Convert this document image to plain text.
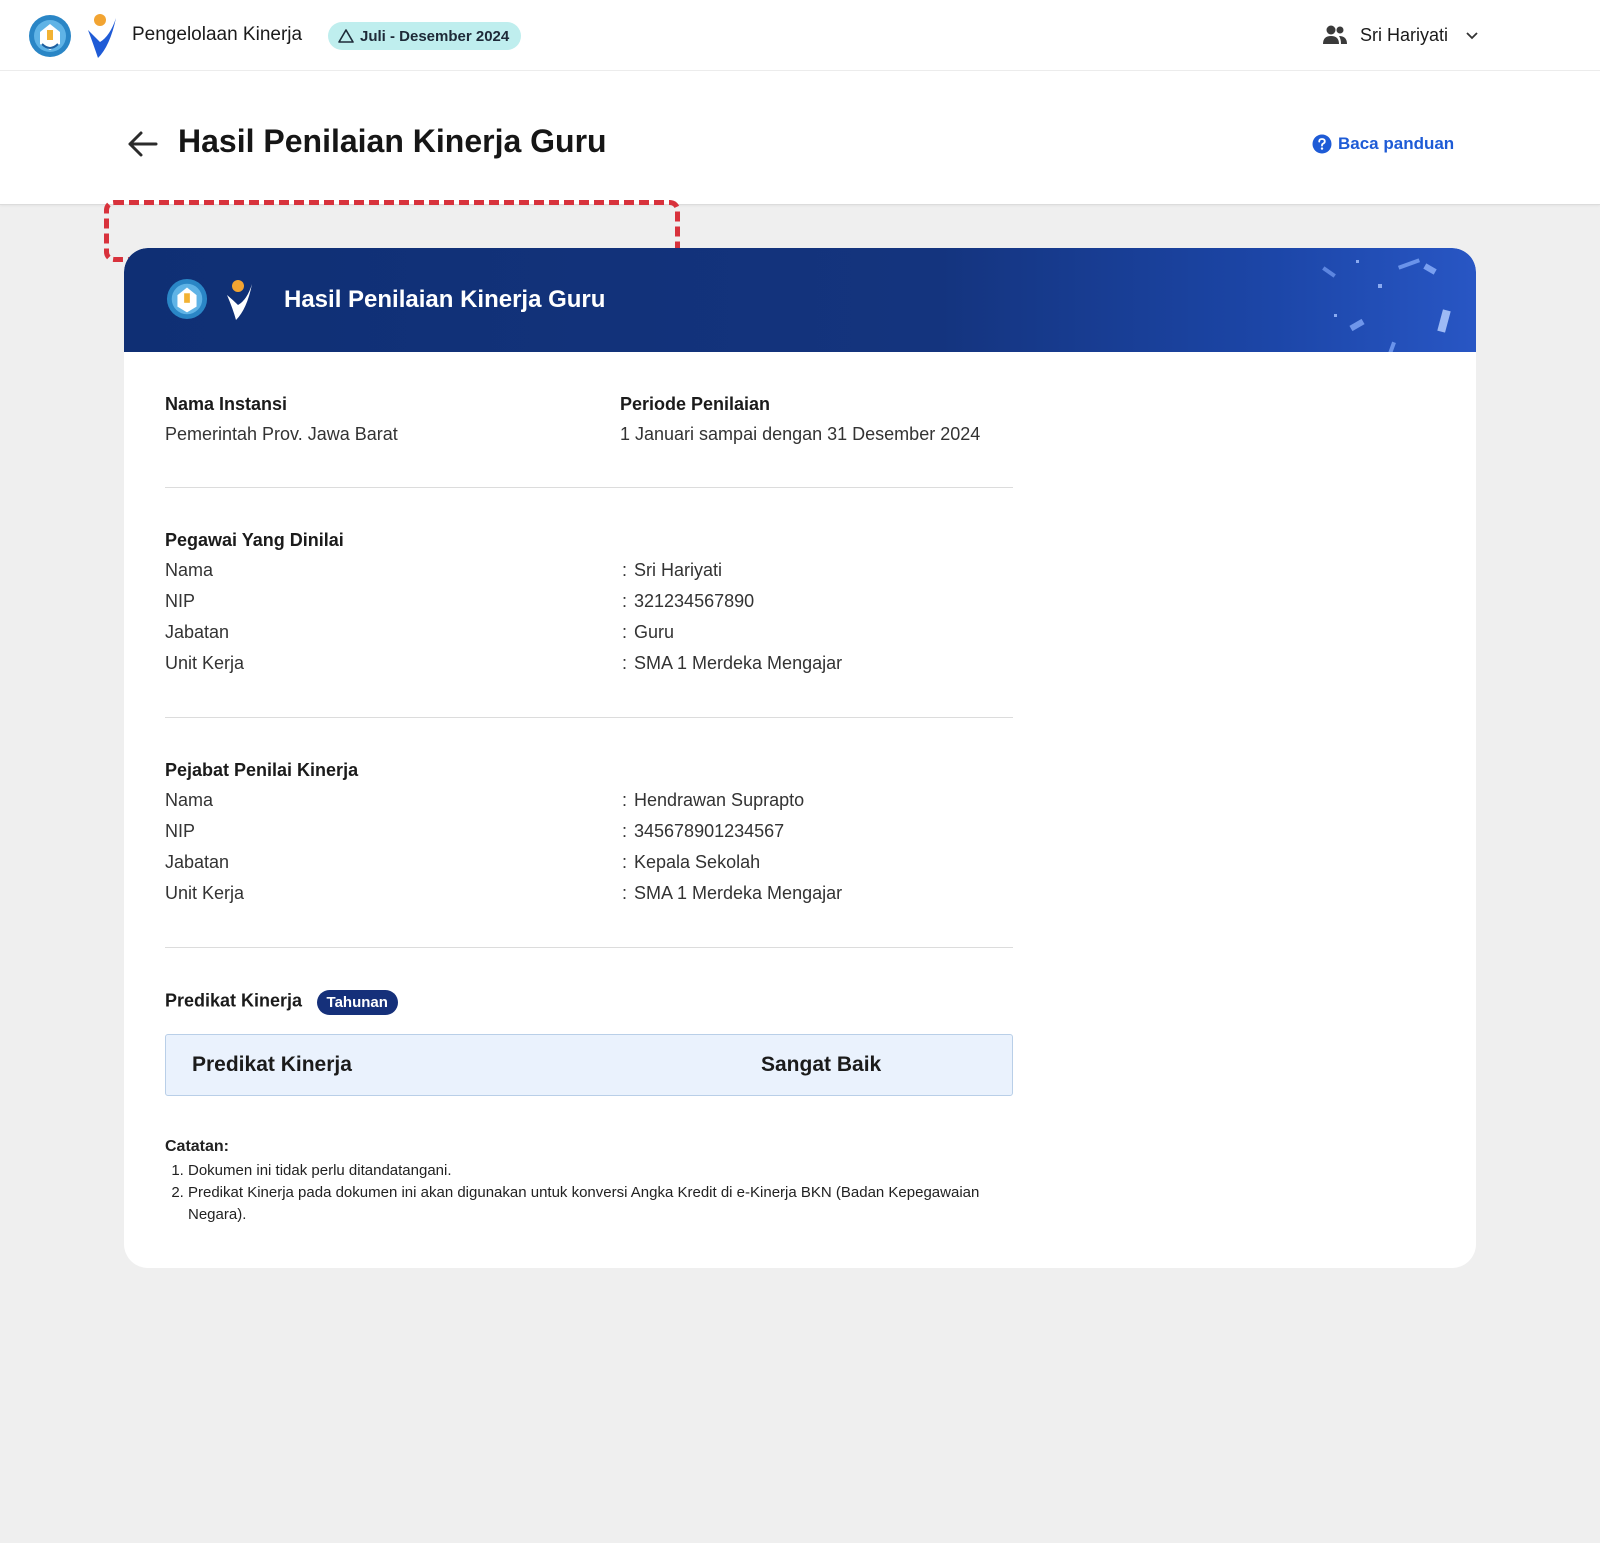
Pengelolaan Kinerja	Juli - Desember 2024	Sri Hariyati
Hasil Penilaian Kinerja Guru	Baca panduan
Hasil Penilaian Kinerja Guru
Nama Instansi
Pemerintah Prov. Jawa Barat
Periode Penilaian
1 Januari sampai dengan 31 Desember 2024
Pegawai Yang Dinilai
Nama	: Sri Hariyati
NIP	: 321234567890
Jabatan	: Guru
Unit Kerja	: SMA 1 Merdeka Mengajar
Pejabat Penilai Kinerja
Nama	: Hendrawan Suprapto
NIP	: 345678901234567
Jabatan	: Kepala Sekolah
Unit Kerja	: SMA 1 Merdeka Mengajar
Predikat Kinerja Tahunan
Predikat Kinerja	Sangat Baik
Catatan:
1. Dokumen ini tidak perlu ditandatangani.
2. Predikat Kinerja pada dokumen ini akan digunakan untuk konversi Angka Kredit di e-Kinerja BKN (Badan Kepegawaian Negara).
